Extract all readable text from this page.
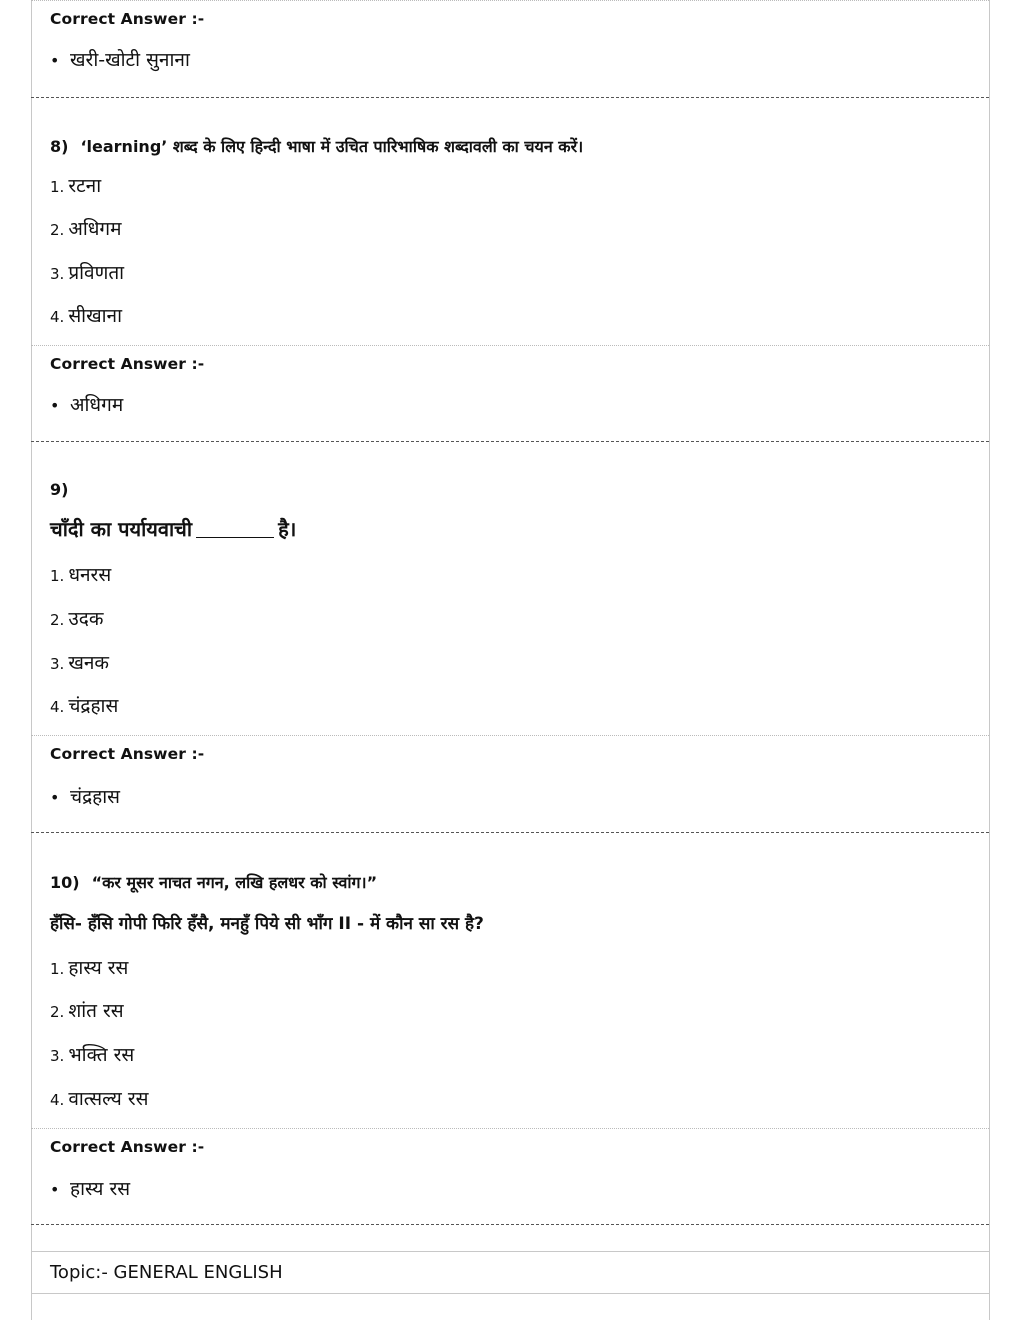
Correct Answer :-
• खरी-खोटी सुनाना
8) ‘learning’ शब्द के लिए हिन्दी भाषा में उचित पारिभाषिक शब्दावली का चयन करें।
1. रटना
2. अधिगम
3. प्रविणता
4. सीखाना
Correct Answer :-
• अधिगम
9)
चाँदी का पर्यायवाची	है।
1. धनरस
2. उदक
3. खनक
4. चंद्रहास
Correct Answer :-
• चंद्रहास
10) “कर मूसर नाचत नगन, लखि हलधर को स्वांग।”
हँसि- हँसि गोपी फिरि हँसै, मनहुँ पिये सी भाँग II - में कौन सा रस है?
1. हास्य रस
2. शांत रस
3. भक्ति रस
4. वात्सल्य रस
Correct Answer :-
• हास्य रस
Topic:- GENERAL ENGLISH
